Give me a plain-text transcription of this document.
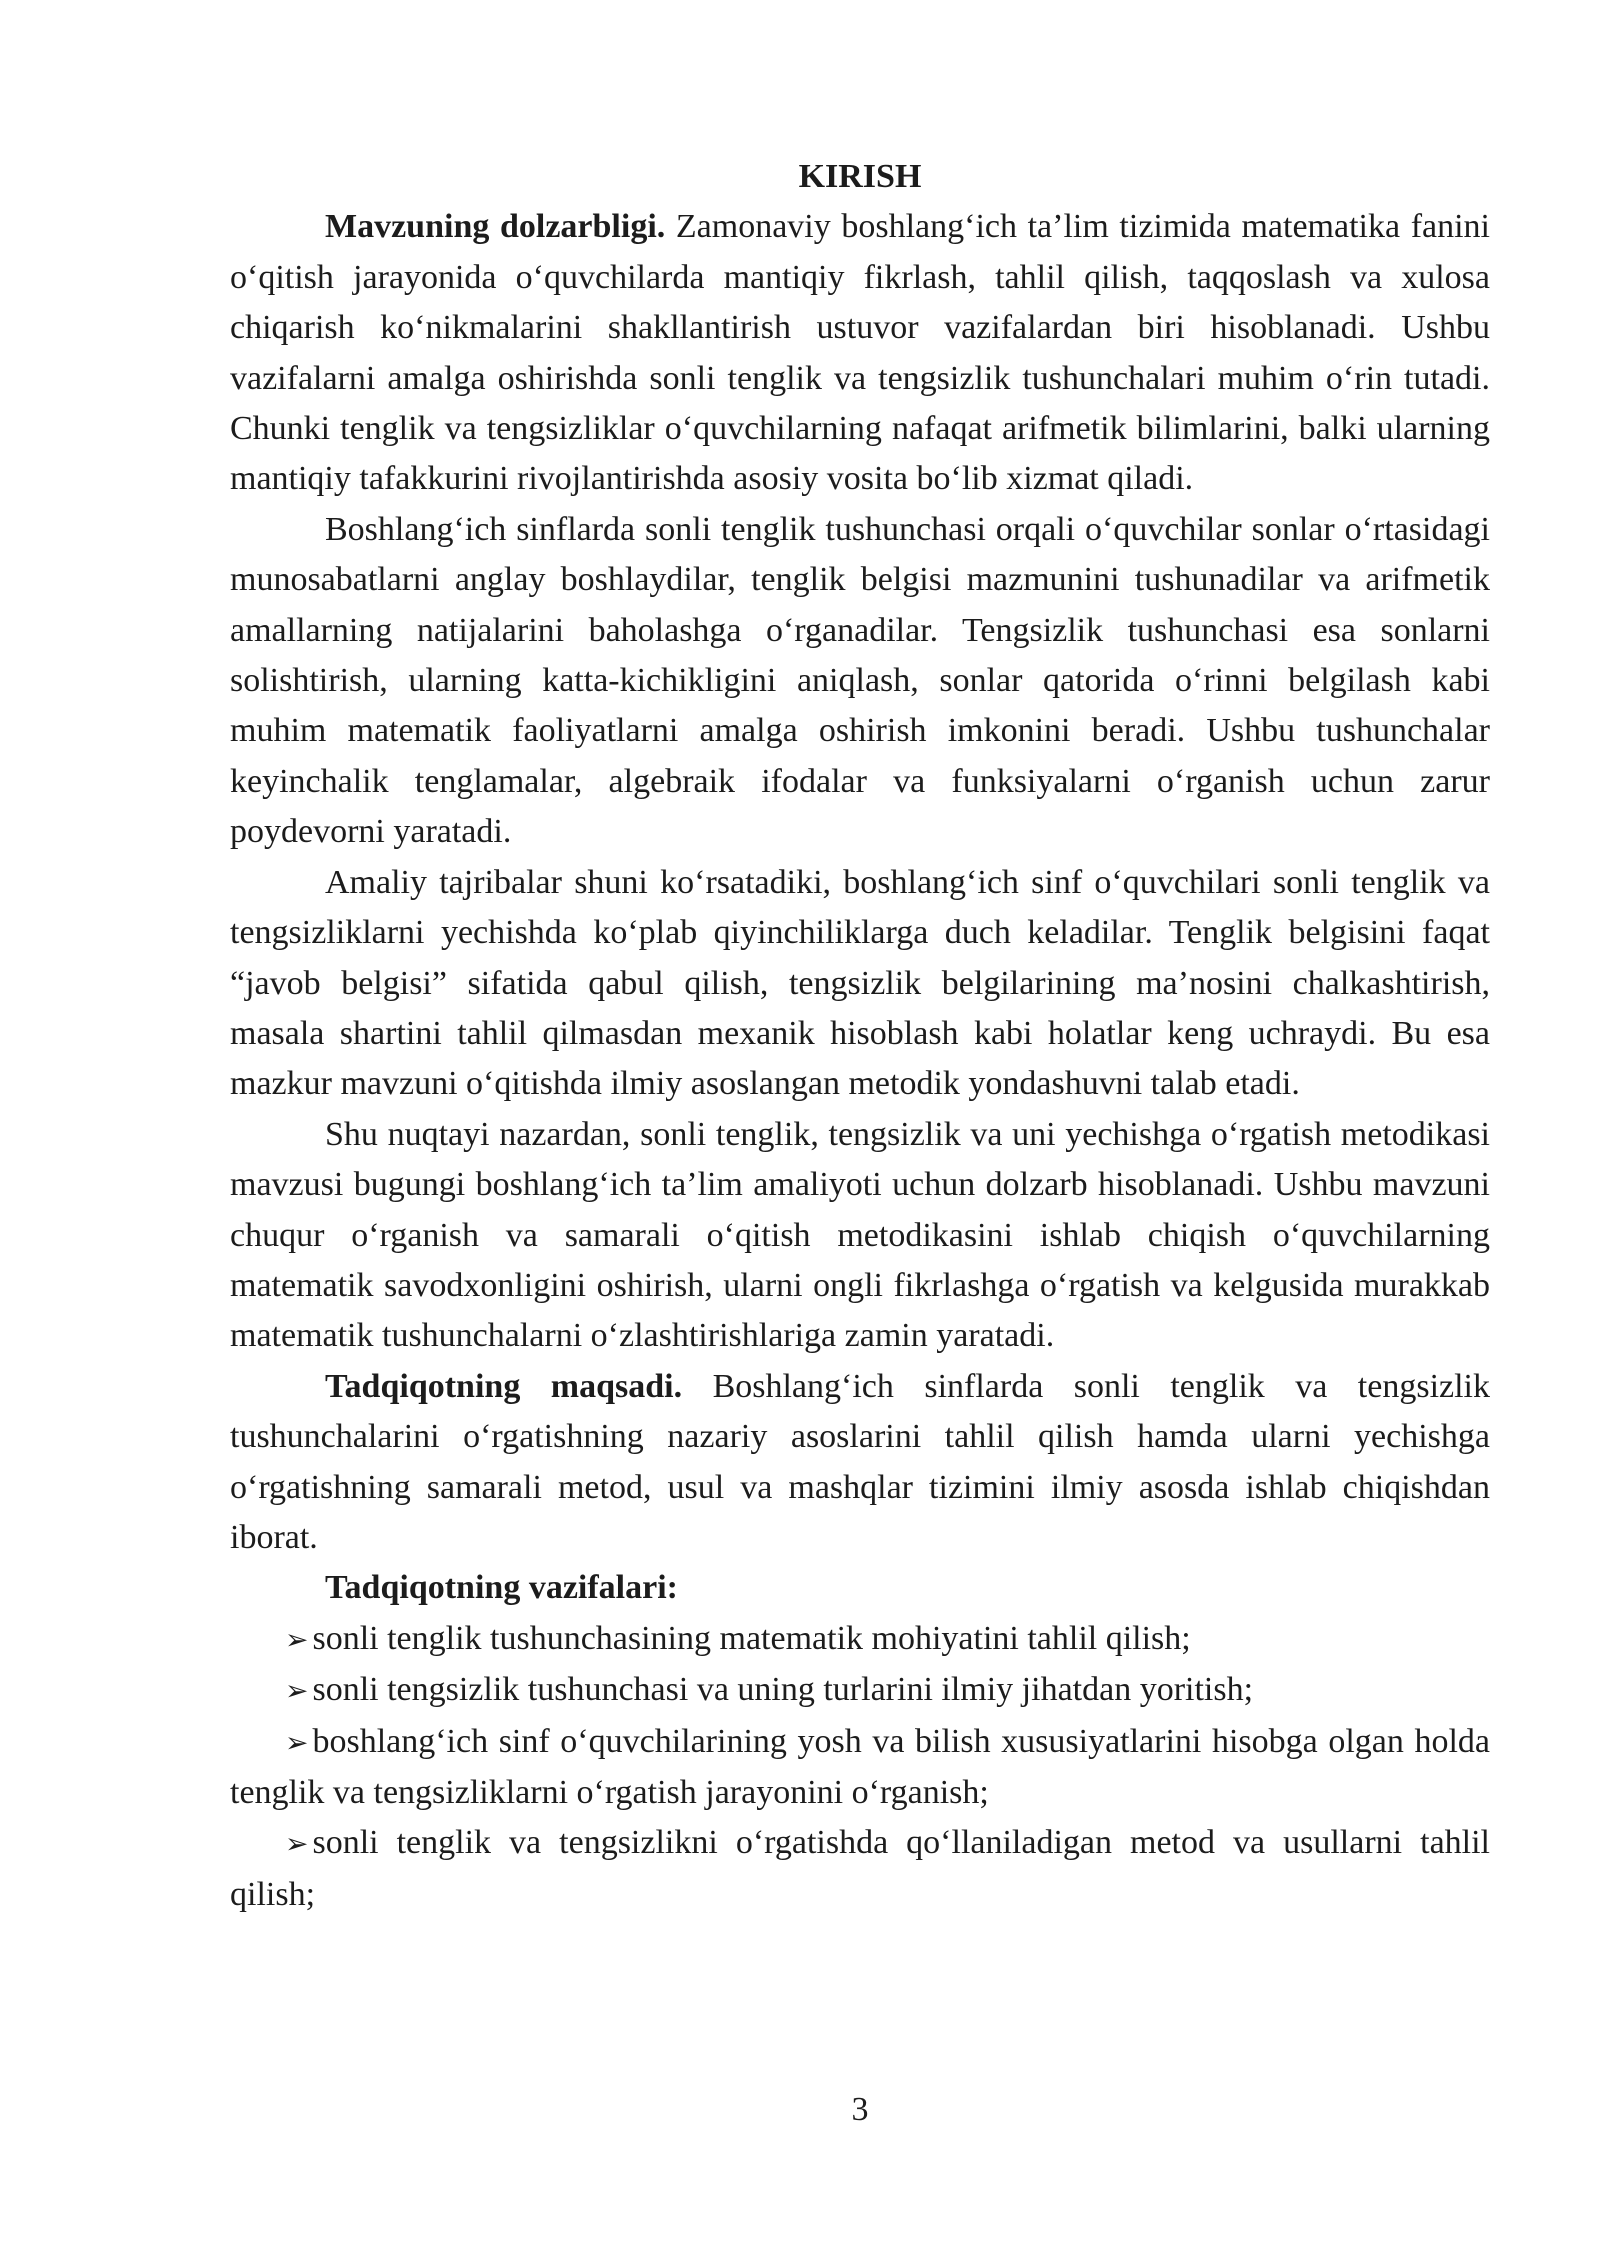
KIRISH

Mavzuning dolzarbligi. Zamonaviy boshlang‘ich ta’lim tizimida matematika fanini o‘qitish jarayonida o‘quvchilarda mantiqiy fikrlash, tahlil qilish, taqqoslash va xulosa chiqarish ko‘nikmalarini shakllantirish ustuvor vazifalardan biri hisoblanadi. Ushbu vazifalarni amalga oshirishda sonli tenglik va tengsizlik tushunchalari muhim o‘rin tutadi. Chunki tenglik va tengsizliklar o‘quvchilarning nafaqat arifmetik bilimlarini, balki ularning mantiqiy tafakkurini rivojlantirishda asosiy vosita bo‘lib xizmat qiladi.

Boshlang‘ich sinflarda sonli tenglik tushunchasi orqali o‘quvchilar sonlar o‘rtasidagi munosabatlarni anglay boshlaydilar, tenglik belgisi mazmunini tushunadilar va arifmetik amallarning natijalarini baholashga o‘rganadilar. Tengsizlik tushunchasi esa sonlarni solishtirish, ularning katta-kichikligini aniqlash, sonlar qatorida o‘rinni belgilash kabi muhim matematik faoliyatlarni amalga oshirish imkonini beradi. Ushbu tushunchalar keyinchalik tenglamalar, algebraik ifodalar va funksiyalarni o‘rganish uchun zarur poydevorni yaratadi.

Amaliy tajribalar shuni ko‘rsatadiki, boshlang‘ich sinf o‘quvchilari sonli tenglik va tengsizliklarni yechishda ko‘plab qiyinchiliklarga duch keladilar. Tenglik belgisini faqat “javob belgisi” sifatida qabul qilish, tengsizlik belgilarining ma’nosini chalkashtirish, masala shartini tahlil qilmasdan mexanik hisoblash kabi holatlar keng uchraydi. Bu esa mazkur mavzuni o‘qitishda ilmiy asoslangan metodik yondashuvni talab etadi.

Shu nuqtayi nazardan, sonli tenglik, tengsizlik va uni yechishga o‘rgatish metodikasi mavzusi bugungi boshlang‘ich ta’lim amaliyoti uchun dolzarb hisoblanadi. Ushbu mavzuni chuqur o‘rganish va samarali o‘qitish metodikasini ishlab chiqish o‘quvchilarning matematik savodxonligini oshirish, ularni ongli fikrlashga o‘rgatish va kelgusida murakkab matematik tushunchalarni o‘zlashtirishlariga zamin yaratadi.

Tadqiqotning maqsadi. Boshlang‘ich sinflarda sonli tenglik va tengsizlik tushunchalarini o‘rgatishning nazariy asoslarini tahlil qilish hamda ularni yechishga o‘rgatishning samarali metod, usul va mashqlar tizimini ilmiy asosda ishlab chiqishdan iborat.

Tadqiqotning vazifalari:

➢ sonli tenglik tushunchasining matematik mohiyatini tahlil qilish;

➢ sonli tengsizlik tushunchasi va uning turlarini ilmiy jihatdan yoritish;

➢ boshlang‘ich sinf o‘quvchilarining yosh va bilish xususiyatlarini hisobga olgan holda tenglik va tengsizliklarni o‘rgatish jarayonini o‘rganish;

➢ sonli tenglik va tengsizlikni o‘rgatishda qo‘llaniladigan metod va usullarni tahlil qilish;

3
